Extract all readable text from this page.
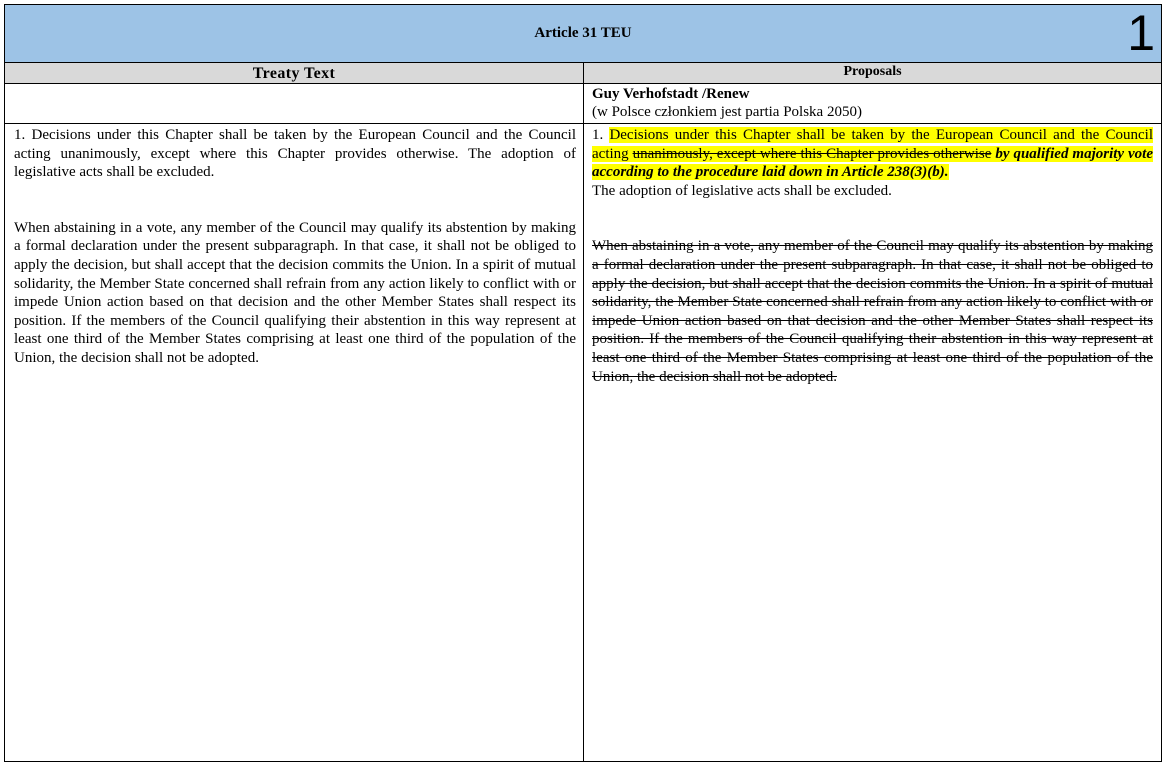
Article 31 TEU	1
Treaty Text	Proposals
Guy Verhofstadt /Renew
(w Polsce członkiem jest partia Polska 2050)

1. Decisions under this Chapter shall be taken by the European Council and the Council acting unanimously, except where this Chapter provides otherwise. The adoption of legislative acts shall be excluded.

When abstaining in a vote, any member of the Council may qualify its abstention by making a formal declaration under the present subparagraph. In that case, it shall not be obliged to apply the decision, but shall accept that the decision commits the Union. In a spirit of mutual solidarity, the Member State concerned shall refrain from any action likely to conflict with or impede Union action based on that decision and the other Member States shall respect its position. If the members of the Council qualifying their abstention in this way represent at least one third of the Member States comprising at least one third of the population of the Union, the decision shall not be adopted.

1. Decisions under this Chapter shall be taken by the European Council and the Council acting unanimously, except where this Chapter provides otherwise by qualified majority vote according to the procedure laid down in Article 238(3)(b).
The adoption of legislative acts shall be excluded.

When abstaining in a vote, any member of the Council may qualify its abstention by making a formal declaration under the present subparagraph. In that case, it shall not be obliged to apply the decision, but shall accept that the decision commits the Union. In a spirit of mutual solidarity, the Member State concerned shall refrain from any action likely to conflict with or impede Union action based on that decision and the other Member States shall respect its position. If the members of the Council qualifying their abstention in this way represent at least one third of the Member States comprising at least one third of the population of the Union, the decision shall not be adopted.
